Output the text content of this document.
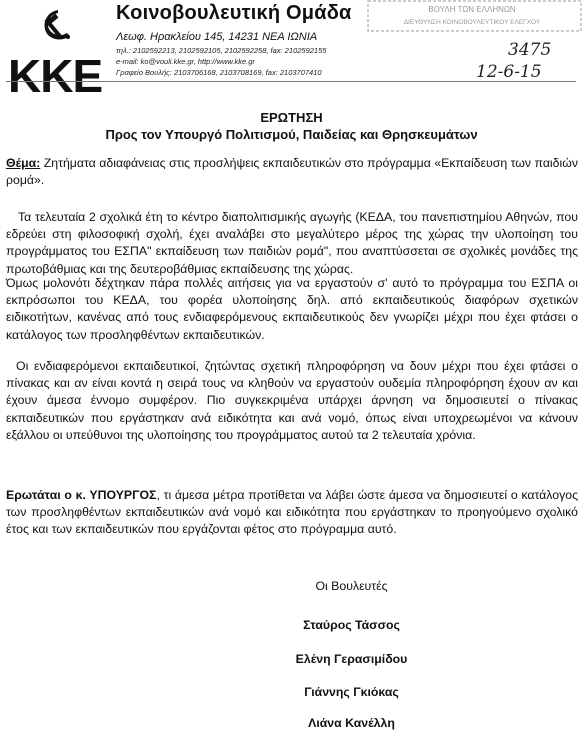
KKE
Κοινοβουλευτική Ομάδα
Λεωφ. Ηρακλείου 145, 14231 ΝΕΑ ΙΩΝΙΑ
τηλ.: 2102592213, 2102592105, 2102592258, fax: 2102592155
e-mail: ko@vouli.kke.gr, http://www.kke.gr
Γραφείο Βουλής: 2103706168, 2103708169, fax: 2103707410
ΒΟΥΛΗ ΤΩΝ ΕΛΛΗΝΩΝ
ΔΙΕΥΘΥΝΣΗ ΚΟΙΝΟΒΟΥΛΕΥΤΙΚΟΥ ΕΛΕΓΧΟΥ
3475
12-6-15
ΕΡΩΤΗΣΗ
Προς τον Υπουργό Πολιτισμού, Παιδείας και Θρησκευμάτων
Θέμα: Ζητήματα αδιαφάνειας στις προσλήψεις εκπαιδευτικών στο πρόγραμμα «Εκπαίδευση των παιδιών ρομά».
Τα τελευταία 2 σχολικά έτη το κέντρο διαπολιτισμικής αγωγής (ΚΕΔΑ, του πανεπιστημίου Αθηνών, που εδρεύει στη φιλοσοφική σχολή, έχει αναλάβει στο μεγαλύτερο μέρος της χώρας την υλοποίηση του προγράμματος του ΕΣΠΑ" εκπαίδευση των παιδιών ρομά", που αναπτύσσεται σε σχολικές μονάδες της πρωτοβάθμιας και της δευτεροβάθμιας εκπαίδευσης της χώρας.
Όμως μολονότι δέχτηκαν πάρα πολλές αιτήσεις για να εργαστούν σ' αυτό το πρόγραμμα του ΕΣΠΑ οι εκπρόσωποι του ΚΕΔΑ, του φορέα υλοποίησης δηλ. από εκπαιδευτικούς διαφόρων σχετικών ειδικοτήτων, κανένας από τους ενδιαφερόμενους εκπαιδευτικούς δεν γνωρίζει μέχρι που έχει φτάσει ο κατάλογος των προσληφθέντων εκπαιδευτικών.
Οι ενδιαφερόμενοι εκπαιδευτικοί, ζητώντας σχετική πληροφόρηση να δουν μέχρι που έχει φτάσει ο πίνακας και αν είναι κοντά η σειρά τους να κληθούν να εργαστούν ουδεμία πληροφόρηση έχουν αν και έχουν άμεσα έννομο συμφέρον. Πιο συγκεκριμένα υπάρχει άρνηση να δημοσιευτεί ο πίνακας εκπαιδευτικών που εργάστηκαν ανά ειδικότητα και ανά νομό, όπως είναι υποχρεωμένοι να κάνουν εξάλλου οι υπεύθυνοι της υλοποίησης του προγράμματος αυτού τα 2 τελευταία χρόνια.
Ερωτάται ο κ. ΥΠΟΥΡΓΟΣ, τι άμεσα μέτρα προτίθεται να λάβει ώστε άμεσα να δημοσιευτεί ο κατάλογος των προσληφθέντων εκπαιδευτικών ανά νομό και ειδικότητα που εργάστηκαν το προηγούμενο σχολικό έτος και των εκπαιδευτικών που εργάζονται φέτος στο πρόγραμμα αυτό.
Οι Βουλευτές
Σταύρος Τάσσος
Ελένη Γερασιμίδου
Γιάννης Γκιόκας
Λιάνα Κανέλλη
